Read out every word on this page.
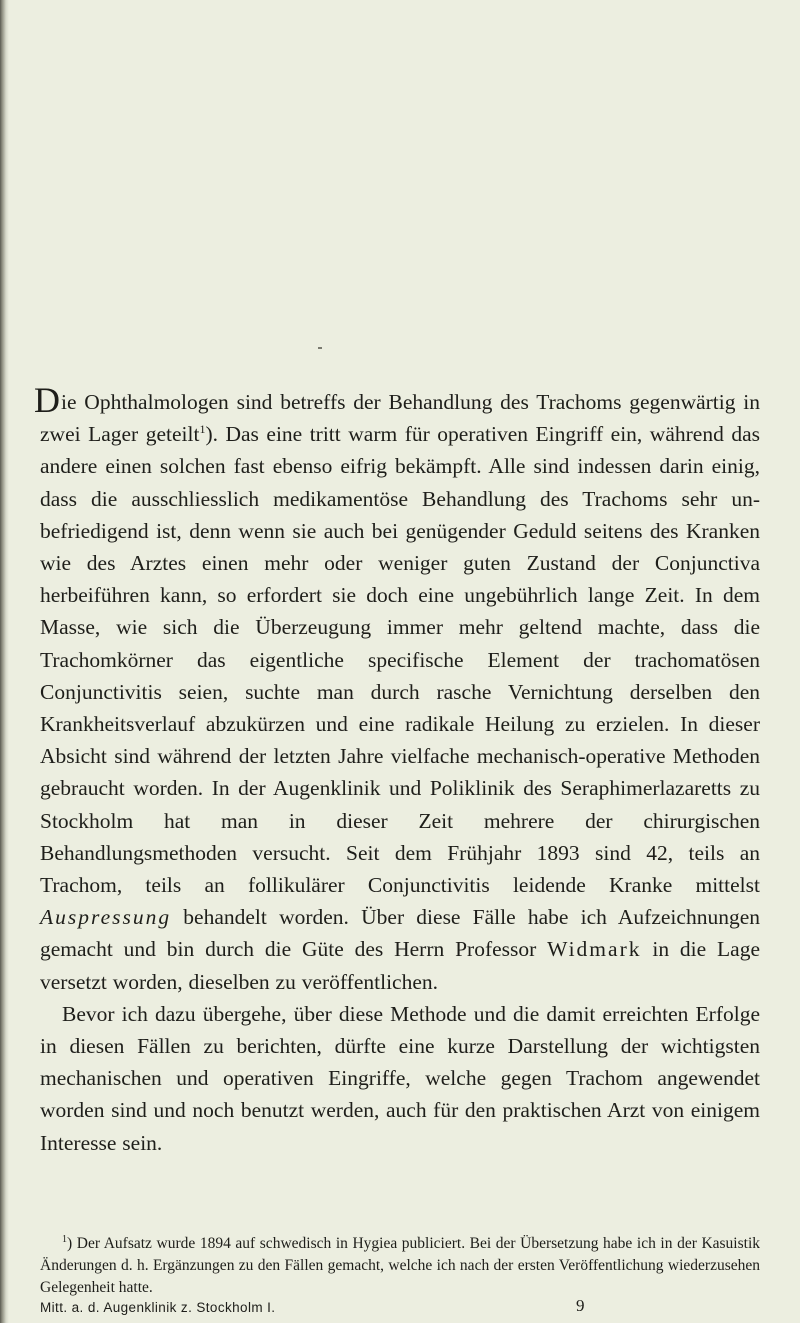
Die Ophthalmologen sind betreffs der Behandlung des Trachoms gegenwärtig in zwei Lager geteilt$^1$). Das eine tritt warm für operativen Eingriff ein, während das andere einen solchen fast ebenso eifrig bekämpft. Alle sind indessen darin einig, dass die ausschliesslich medikamentöse Behandlung des Trachoms sehr unbefriedigend ist, denn wenn sie auch bei genügender Geduld seitens des Kranken wie des Arztes einen mehr oder weniger guten Zustand der Conjunctiva herbeiführen kann, so erfordert sie doch eine ungebührlich lange Zeit. In dem Masse, wie sich die Überzeugung immer mehr geltend machte, dass die Trachomkörner das eigentliche specifische Element der trachomatösen Conjunctivitis seien, suchte man durch rasche Vernichtung derselben den Krankheitsverlauf abzukürzen und eine radikale Heilung zu erzielen. In dieser Absicht sind während der letzten Jahre vielfache mechanisch-operative Methoden gebraucht worden. In der Augenklinik und Poliklinik des Seraphimerlazaretts zu Stockholm hat man in dieser Zeit mehrere der chirurgischen Behandlungsmethoden versucht. Seit dem Frühjahr 1893 sind 42, teils an Trachom, teils an follikulärer Conjunctivitis leidende Kranke mittelst Auspressung behandelt worden. Über diese Fälle habe ich Aufzeichnungen gemacht und bin durch die Güte des Herrn Professor Widmark in die Lage versetzt worden, dieselben zu veröffentlichen.

Bevor ich dazu übergehe, über diese Methode und die damit erreichten Erfolge in diesen Fällen zu berichten, dürfte eine kurze Darstellung der wichtigsten mechanischen und operativen Eingriffe, welche gegen Trachom angewendet worden sind und noch benutzt werden, auch für den praktischen Arzt von einigem Interesse sein.

$^1$) Der Aufsatz wurde 1894 auf schwedisch in Hygiea publiciert. Bei der Übersetzung habe ich in der Kasuistik Änderungen d. h. Ergänzungen zu den Fällen gemacht, welche ich nach der ersten Veröffentlichung wiederzusehen Gelegenheit hatte.

Mitt. a. d. Augenklinik z. Stockholm I.	9
